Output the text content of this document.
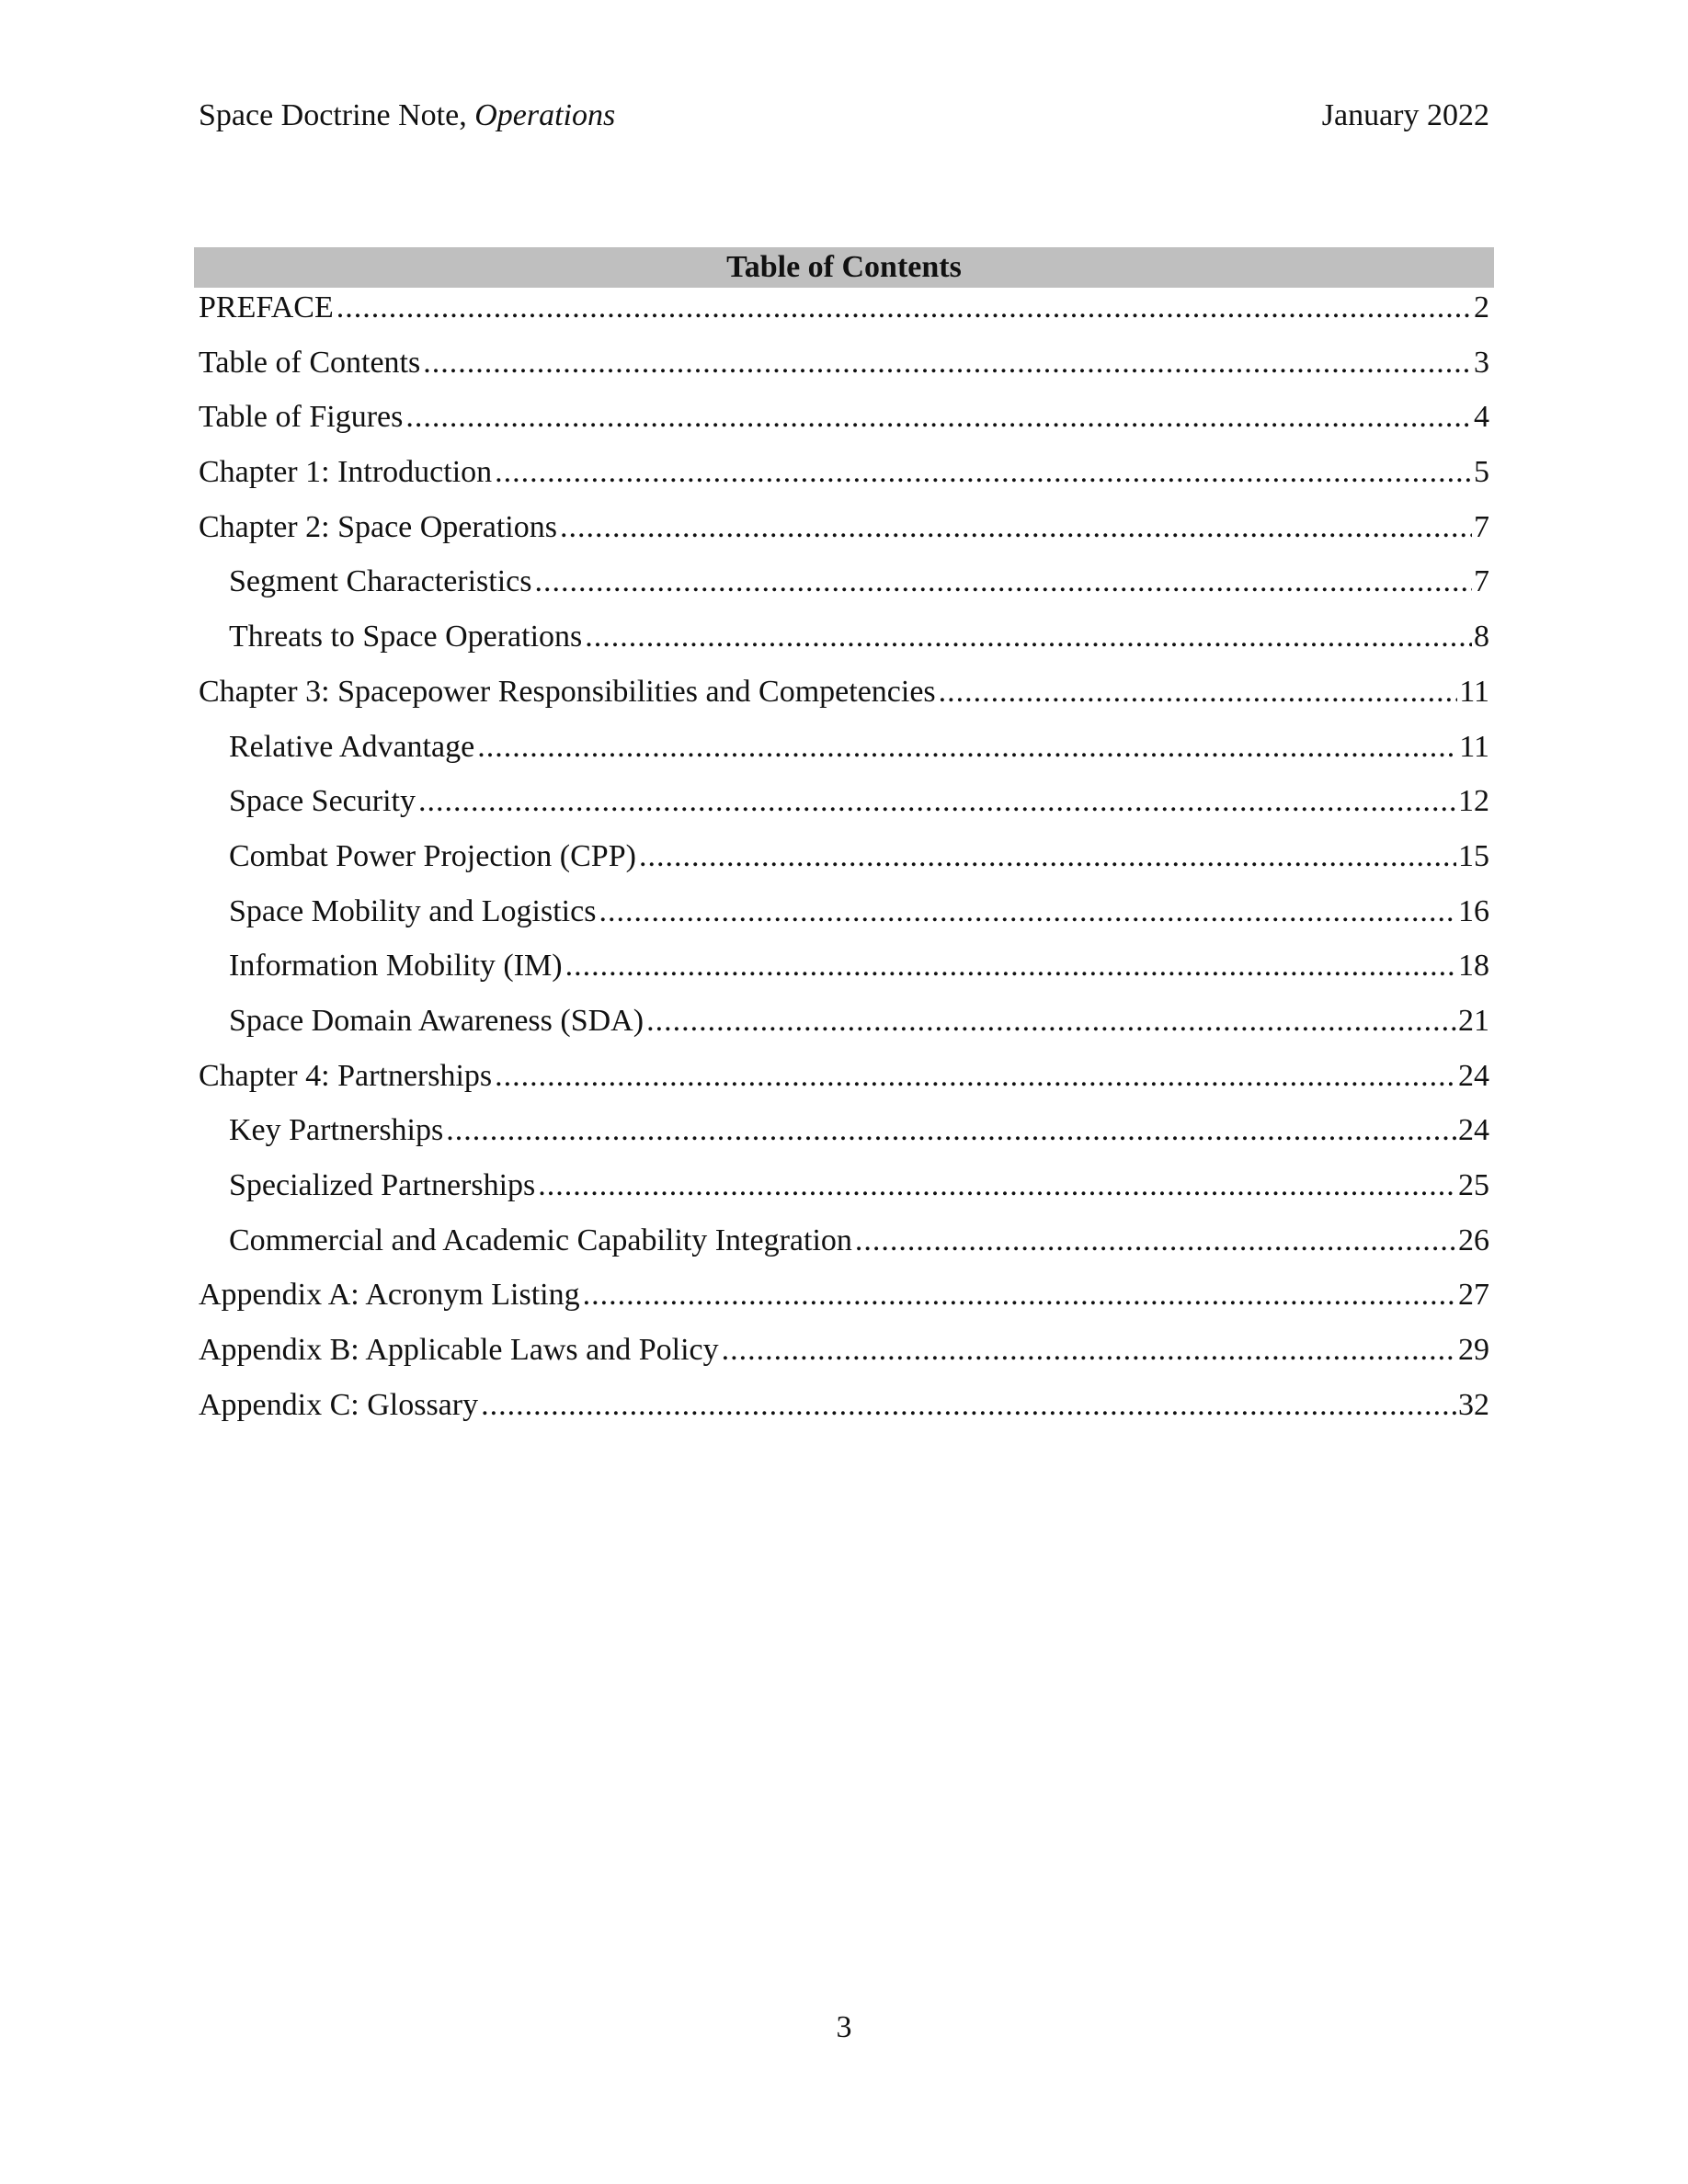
Space Doctrine Note, Operations	January 2022
Table of Contents
PREFACE .....	2
Table of Contents .....	3
Table of Figures .....	4
Chapter 1: Introduction .....	5
Chapter 2: Space Operations .....	7
Segment Characteristics .....	7
Threats to Space Operations .....	8
Chapter 3: Spacepower Responsibilities and Competencies .....	11
Relative Advantage .....	11
Space Security .....	12
Combat Power Projection (CPP) .....	15
Space Mobility and Logistics .....	16
Information Mobility (IM) .....	18
Space Domain Awareness (SDA) .....	21
Chapter 4: Partnerships .....	24
Key Partnerships .....	24
Specialized Partnerships .....	25
Commercial and Academic Capability Integration .....	26
Appendix A: Acronym Listing .....	27
Appendix B: Applicable Laws and Policy .....	29
Appendix C: Glossary .....	32
3
